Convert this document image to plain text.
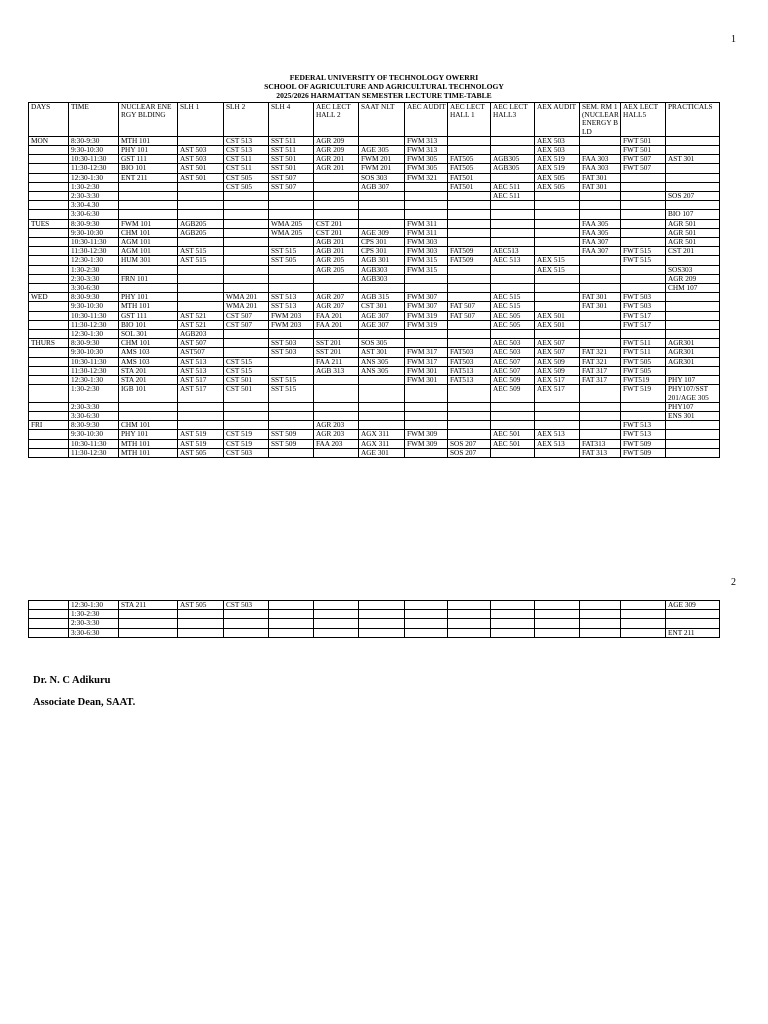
1
FEDERAL UNIVERSITY OF TECHNOLOGY OWERRI
SCHOOL OF AGRICULTURE AND AGRICULTURAL TECHNOLOGY
2025/2026 HARMATTAN SEMESTER LECTURE TIME-TABLE
DAYS	TIME	NUCLEAR ENERGY BLDING	SLH 1	SLH 2	SLH 4	AEC LECT HALL 2	SAAT NLT	AEC AUDIT	AEC LECT HALL 1	AEC LECT HALL3	AEX AUDIT	SEM. RM 1 (NUCLEAR ENERGY BLD	AEX LECT HALL5	PRACTICALS
MON	8:30-9:30	MTH 101		CST 513	SST 511	AGR 209		FWM 313			AEX 503		FWT 501	
	9:30-10:30	PHY 101	AST 503	CST 513	SST 511	AGR 209	AGE 305	FWM 313			AEX 503		FWT 501	
	10:30-11:30	GST 111	AST 503	CST 511	SST 501	AGR 201	FWM 201	FWM 305	FAT505	AGB305	AEX 519	FAA 303	FWT 507	AST 301
	11:30-12:30	BIO 101	AST 501	CST 511	SST 501	AGR 201	FWM 201	FWM 305	FAT505	AGB305	AEX 519	FAA 303	FWT 507	
	12:30-1:30	ENT 211	AST 501	CST 505	SST 507		SOS 303	FWM 321	FAT501		AEX 505	FAT 301		
	1:30-2:30			CST 505	SST 507		AGB 307		FAT501	AEC 511	AEX 505	FAT 301		
	2:30-3:30									AEC 511				SOS 207
	3:30-4.30													
	3:30-6:30													BIO 107
TUES	8:30-9:30	FWM 101	AGB205		WMA 205	CST 201		FWM 311				FAA 305		AGR 501
	9:30-10:30	CHM 101	AGB205		WMA 205	CST 201	AGE 309	FWM 311				FAA 305		AGR 501
	10:30-11:30	AGM 101				AGB 201	CPS 301	FWM 303				FAA 307		AGR 501
	11:30-12:30	AGM 101	AST 515		SST 515	AGB 201	CPS 301	FWM 303	FAT509	AEC513		FAA 307	FWT 515	CST 201
	12:30-1:30	HUM 301	AST 515		SST 505	AGR 205	AGB 301	FWM 315	FAT509	AEC 513	AEX 515		FWT 515	
	1:30-2:30					AGR 205	AGB303	FWM 315			AEX 515			SOS303
	2:30-3:30	FRN 101					AGB303							AGR 209
	3:30-6:30													CHM 107
WED	8:30-9:30	PHY 101		WMA 201	SST 513	AGR 207	AGB 315	FWM 307		AEC 515		FAT 301	FWT 503	
	9:30-10:30	MTH 101		WMA 201	SST 513	AGR 207	CST 301	FWM 307	FAT 507	AEC 515		FAT 301	FWT 503	
	10:30-11:30	GST 111	AST 521	CST 507	FWM 203	FAA 201	AGE 307	FWM 319	FAT 507	AEC 505	AEX 501		FWT 517	
	11:30-12:30	BIO 101	AST 521	CST 507	FWM 203	FAA 201	AGE 307	FWM 319		AEC 505	AEX 501		FWT 517	
	12:30-1:30	SOL 301	AGB203											
THURS	8:30-9:30	CHM 101	AST 507		SST 503	SST 201	SOS 305			AEC 503	AEX 507		FWT 511	AGR301
	9:30-10:30	AMS 103	AST507		SST 503	SST 201	AST 301	FWM 317	FAT503	AEC 503	AEX 507	FAT 321	FWT 511	AGR301
	10:30-11:30	AMS 103	AST 513	CST 515		FAA 211	ANS 305	FWM 317	FAT503	AEC 507	AEX 509	FAT 321	FWT 505	AGR301
	11:30-12:30	STA 201	AST 513	CST 515		AGB 313	ANS 305	FWM 301	FAT513	AEC 507	AEX 509	FAT 317	FWT 505	
	12:30-1:30	STA 201	AST 517	CST 501	SST 515			FWM 301	FAT513	AEC 509	AEX 517	FAT 317	FWT519	PHY 107
	1:30-2:30	IGB 101	AST 517	CST 501	SST 515					AEC 509	AEX 517		FWT 519	PHY107/SST 201/AGE 305
	2:30-3:30													PHY107
	3:30-6:30													ENS 301
FRI	8:30-9:30	CHM 101				AGR 203							FWT 513	
	9:30-10:30	PHY 101	AST 519	CST 519	SST 509	AGR 203	AGX 311	FWM 309		AEC 501	AEX 513		FWT 513	
	10:30-11:30	MTH 101	AST 519	CST 519	SST 509	FAA 203	AGX 311	FWM 309	SOS 207	AEC 501	AEX 513	FAT313	FWT 509	
	11:30-12:30	MTH 101	AST 505	CST 503			AGE 301		SOS 207			FAT 313	FWT 509	
2
	12:30-1:30	STA 211	AST 505	CST 503										AGE 309
	1:30-2:30													
	2:30-3:30													
	3:30-6:30													ENT 211
Dr. N. C Adikuru
Associate Dean, SAAT.
